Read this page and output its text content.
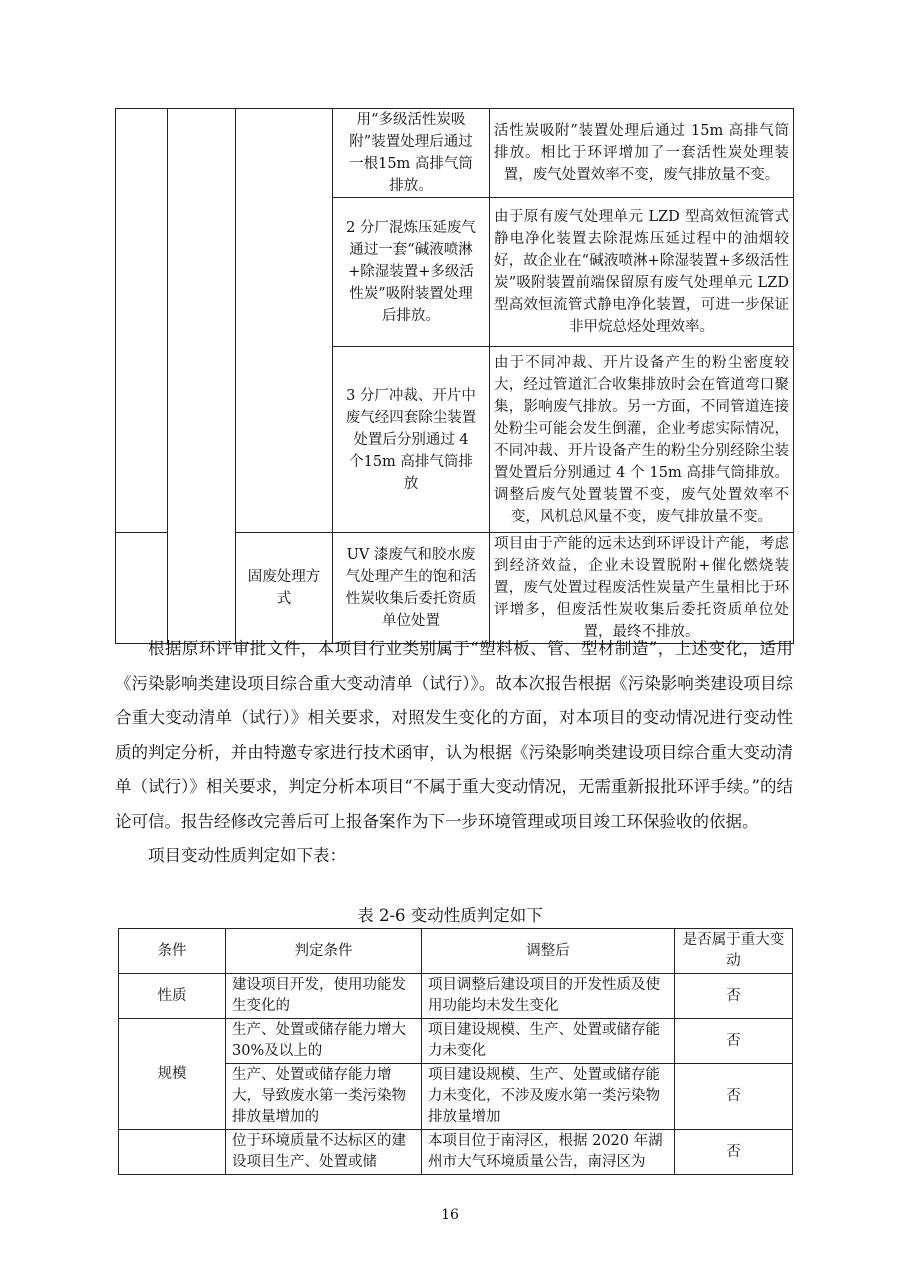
			用“多级活性炭吸附”装置处理后通过一根15m 高排气筒排放。	活性炭吸附”装置处理后通过 15m 高排气筒排放。相比于环评增加了一套活性炭处理装置，废气处置效率不变，废气排放量不变。
			2 分厂混炼压延废气通过一套“碱液喷淋+除湿装置+多级活性炭”吸附装置处理后排放。	由于原有废气处理单元 LZD 型高效恒流管式静电净化装置去除混炼压延过程中的油烟较好，故企业在“碱液喷淋+除湿装置+多级活性炭”吸附装置前端保留原有废气处理单元 LZD 型高效恒流管式静电净化装置，可进一步保证非甲烷总烃处理效率。
			3 分厂冲裁、开片中废气经四套除尘装置处置后分别通过 4 个15m 高排气筒排放	由于不同冲裁、开片设备产生的粉尘密度较大，经过管道汇合收集排放时会在管道弯口聚集，影响废气排放。另一方面，不同管道连接处粉尘可能会发生倒灌，企业考虑实际情况，不同冲裁、开片设备产生的粉尘分别经除尘装置处置后分别通过 4 个 15m 高排气筒排放。调整后废气处置装置不变，废气处置效率不变，风机总风量不变，废气排放量不变。
		固废处理方式	UV 漆废气和胶水废气处理产生的饱和活性炭收集后委托资质单位处置	项目由于产能的远未达到环评设计产能，考虑到经济效益，企业未设置脱附+催化燃烧装置，废气处置过程废活性炭量产生量相比于环评增多，但废活性炭收集后委托资质单位处置，最终不排放。

根据原环评审批文件，本项目行业类别属于“塑料板、管、型材制造”，上述变化，适用《污染影响类建设项目综合重大变动清单（试行）》。故本次报告根据《污染影响类建设项目综合重大变动清单（试行）》相关要求，对照发生变化的方面，对本项目的变动情况进行变动性质的判定分析，并由特邀专家进行技术函审，认为根据《污染影响类建设项目综合重大变动清单（试行）》相关要求，判定分析本项目“不属于重大变动情况，无需重新报批环评手续。”的结论可信。报告经修改完善后可上报备案作为下一步环境管理或项目竣工环保验收的依据。

项目变动性质判定如下表：

表 2-6 变动性质判定如下
条件	判定条件	调整后	是否属于重大变动
性质	建设项目开发，使用功能发生变化的	项目调整后建设项目的开发性质及使用功能均未发生变化	否
规模	生产、处置或储存能力增大 30%及以上的	项目建设规模、生产、处置或储存能力未变化	否
	生产、处置或储存能力增大，导致废水第一类污染物排放量增加的	项目建设规模、生产、处置或储存能力未变化，不涉及废水第一类污染物排放量增加	否
	位于环境质量不达标区的建设项目生产、处置或储	本项目位于南浔区，根据 2020 年湖州市大气环境质量公告，南浔区为	否
16
